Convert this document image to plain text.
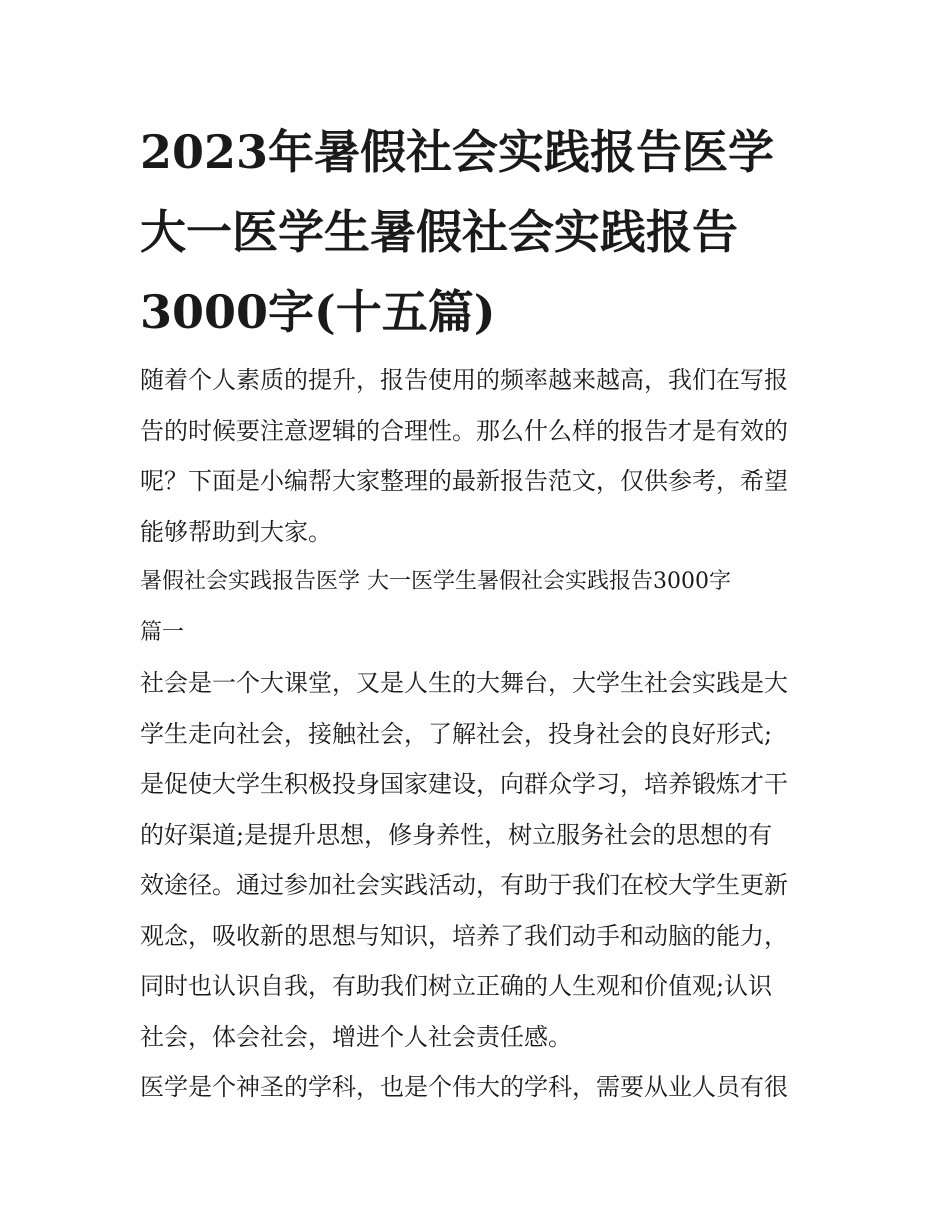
2023年暑假社会实践报告医学
大一医学生暑假社会实践报告
3000字(十五篇)

随着个人素质的提升，报告使用的频率越来越高，我们在写报
告的时候要注意逻辑的合理性。那么什么样的报告才是有效的
呢？下面是小编帮大家整理的最新报告范文，仅供参考，希望
能够帮助到大家。

暑假社会实践报告医学 大一医学生暑假社会实践报告3000字
篇一

社会是一个大课堂，又是人生的大舞台，大学生社会实践是大
学生走向社会，接触社会，了解社会，投身社会的良好形式;
是促使大学生积极投身国家建设，向群众学习，培养锻炼才干
的好渠道;是提升思想，修身养性，树立服务社会的思想的有
效途径。通过参加社会实践活动，有助于我们在校大学生更新
观念，吸收新的思想与知识，培养了我们动手和动脑的能力，
同时也认识自我，有助我们树立正确的人生观和价值观;认识
社会，体会社会，增进个人社会责任感。

医学是个神圣的学科，也是个伟大的学科，需要从业人员有很
